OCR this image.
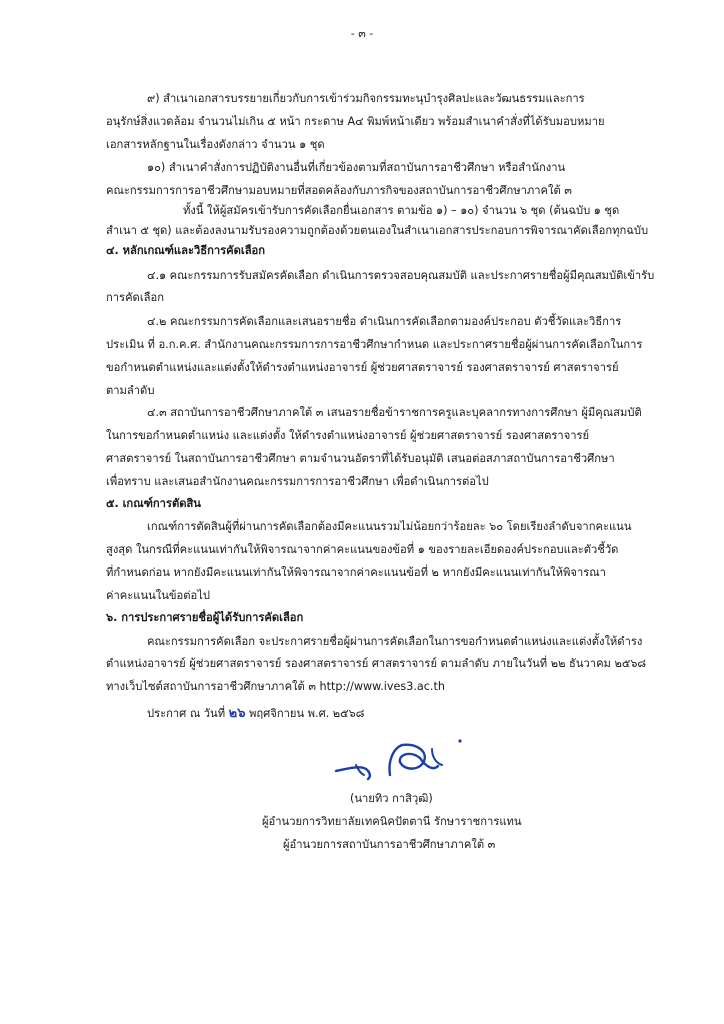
- ๓ -
๙) สำเนาเอกสารบรรยายเกี่ยวกับการเข้าร่วมกิจกรรมทะนุบำรุงศิลปะและวัฒนธรรมและการ
อนุรักษ์สิ่งแวดล้อม จำนวนไม่เกิน ๕ หน้า กระดาษ A๔ พิมพ์หน้าเดียว พร้อมสำเนาคำสั่งที่ได้รับมอบหมาย
เอกสารหลักฐานในเรื่องดังกล่าว จำนวน ๑ ชุด
๑๐) สำเนาคำสั่งการปฏิบัติงานอื่นที่เกี่ยวข้องตามที่สถาบันการอาชีวศึกษา หรือสำนักงาน
คณะกรรมการการอาชีวศึกษามอบหมายที่สอดคล้องกับภารกิจของสถาบันการอาชีวศึกษาภาคใต้ ๓
ทั้งนี้ ให้ผู้สมัครเข้ารับการคัดเลือกยื่นเอกสาร ตามข้อ ๑) – ๑๐) จำนวน ๖ ชุด (ต้นฉบับ ๑ ชุด
สำเนา ๕ ชุด) และต้องลงนามรับรองความถูกต้องด้วยตนเองในสำเนาเอกสารประกอบการพิจารณาคัดเลือกทุกฉบับ
๔. หลักเกณฑ์และวิธีการคัดเลือก
๔.๑ คณะกรรมการรับสมัครคัดเลือก ดำเนินการตรวจสอบคุณสมบัติ และประกาศรายชื่อผู้มีคุณสมบัติเข้ารับ
การคัดเลือก
๔.๒ คณะกรรมการคัดเลือกและเสนอรายชื่อ ดำเนินการคัดเลือกตามองค์ประกอบ ตัวชี้วัดและวิธีการ
ประเมิน ที่ อ.ก.ค.ศ. สำนักงานคณะกรรมการการอาชีวศึกษากำหนด และประกาศรายชื่อผู้ผ่านการคัดเลือกในการ
ขอกำหนดตำแหน่งและแต่งตั้งให้ดำรงตำแหน่งอาจารย์ ผู้ช่วยศาสตราจารย์ รองศาสตราจารย์ ศาสตราจารย์
ตามลำดับ
๔.๓ สถาบันการอาชีวศึกษาภาคใต้ ๓ เสนอรายชื่อข้าราชการครูและบุคลากรทางการศึกษา ผู้มีคุณสมบัติ
ในการขอกำหนดตำแหน่ง และแต่งตั้ง ให้ดำรงตำแหน่งอาจารย์ ผู้ช่วยศาสตราจารย์ รองศาสตราจารย์
ศาสตราจารย์ ในสถาบันการอาชีวศึกษา ตามจำนวนอัตราที่ได้รับอนุมัติ เสนอต่อสภาสถาบันการอาชีวศึกษา
เพื่อทราบ และเสนอสำนักงานคณะกรรมการการอาชีวศึกษา เพื่อดำเนินการต่อไป
๕. เกณฑ์การตัดสิน
เกณฑ์การตัดสินผู้ที่ผ่านการคัดเลือกต้องมีคะแนนรวมไม่น้อยกว่าร้อยละ ๖๐ โดยเรียงลำดับจากคะแนน
สูงสุด ในกรณีที่คะแนนเท่ากันให้พิจารณาจากค่าคะแนนของข้อที่ ๑ ของรายละเอียดองค์ประกอบและตัวชี้วัด
ที่กำหนดก่อน หากยังมีคะแนนเท่ากันให้พิจารณาจากค่าคะแนนข้อที่ ๒ หากยังมีคะแนนเท่ากันให้พิจารณา
ค่าคะแนนในข้อต่อไป
๖. การประกาศรายชื่อผู้ได้รับการคัดเลือก
คณะกรรมการคัดเลือก จะประกาศรายชื่อผู้ผ่านการคัดเลือกในการขอกำหนดตำแหน่งและแต่งตั้งให้ดำรง
ตำแหน่งอาจารย์ ผู้ช่วยศาสตราจารย์ รองศาสตราจารย์ ศาสตราจารย์ ตามลำดับ ภายในวันที่ ๒๒ ธันวาคม ๒๕๖๘
ทางเว็บไซต์สถาบันการอาชีวศึกษาภาคใต้ ๓ http://www.ives3.ac.th
ประกาศ ณ วันที่ ๒๖ พฤศจิกายน พ.ศ. ๒๕๖๘
(นายทิว กาสิวุฒิ)
ผู้อำนวยการวิทยาลัยเทคนิคปัตตานี รักษาราชการแทน
ผู้อำนวยการสถาบันการอาชีวศึกษาภาคใต้ ๓
